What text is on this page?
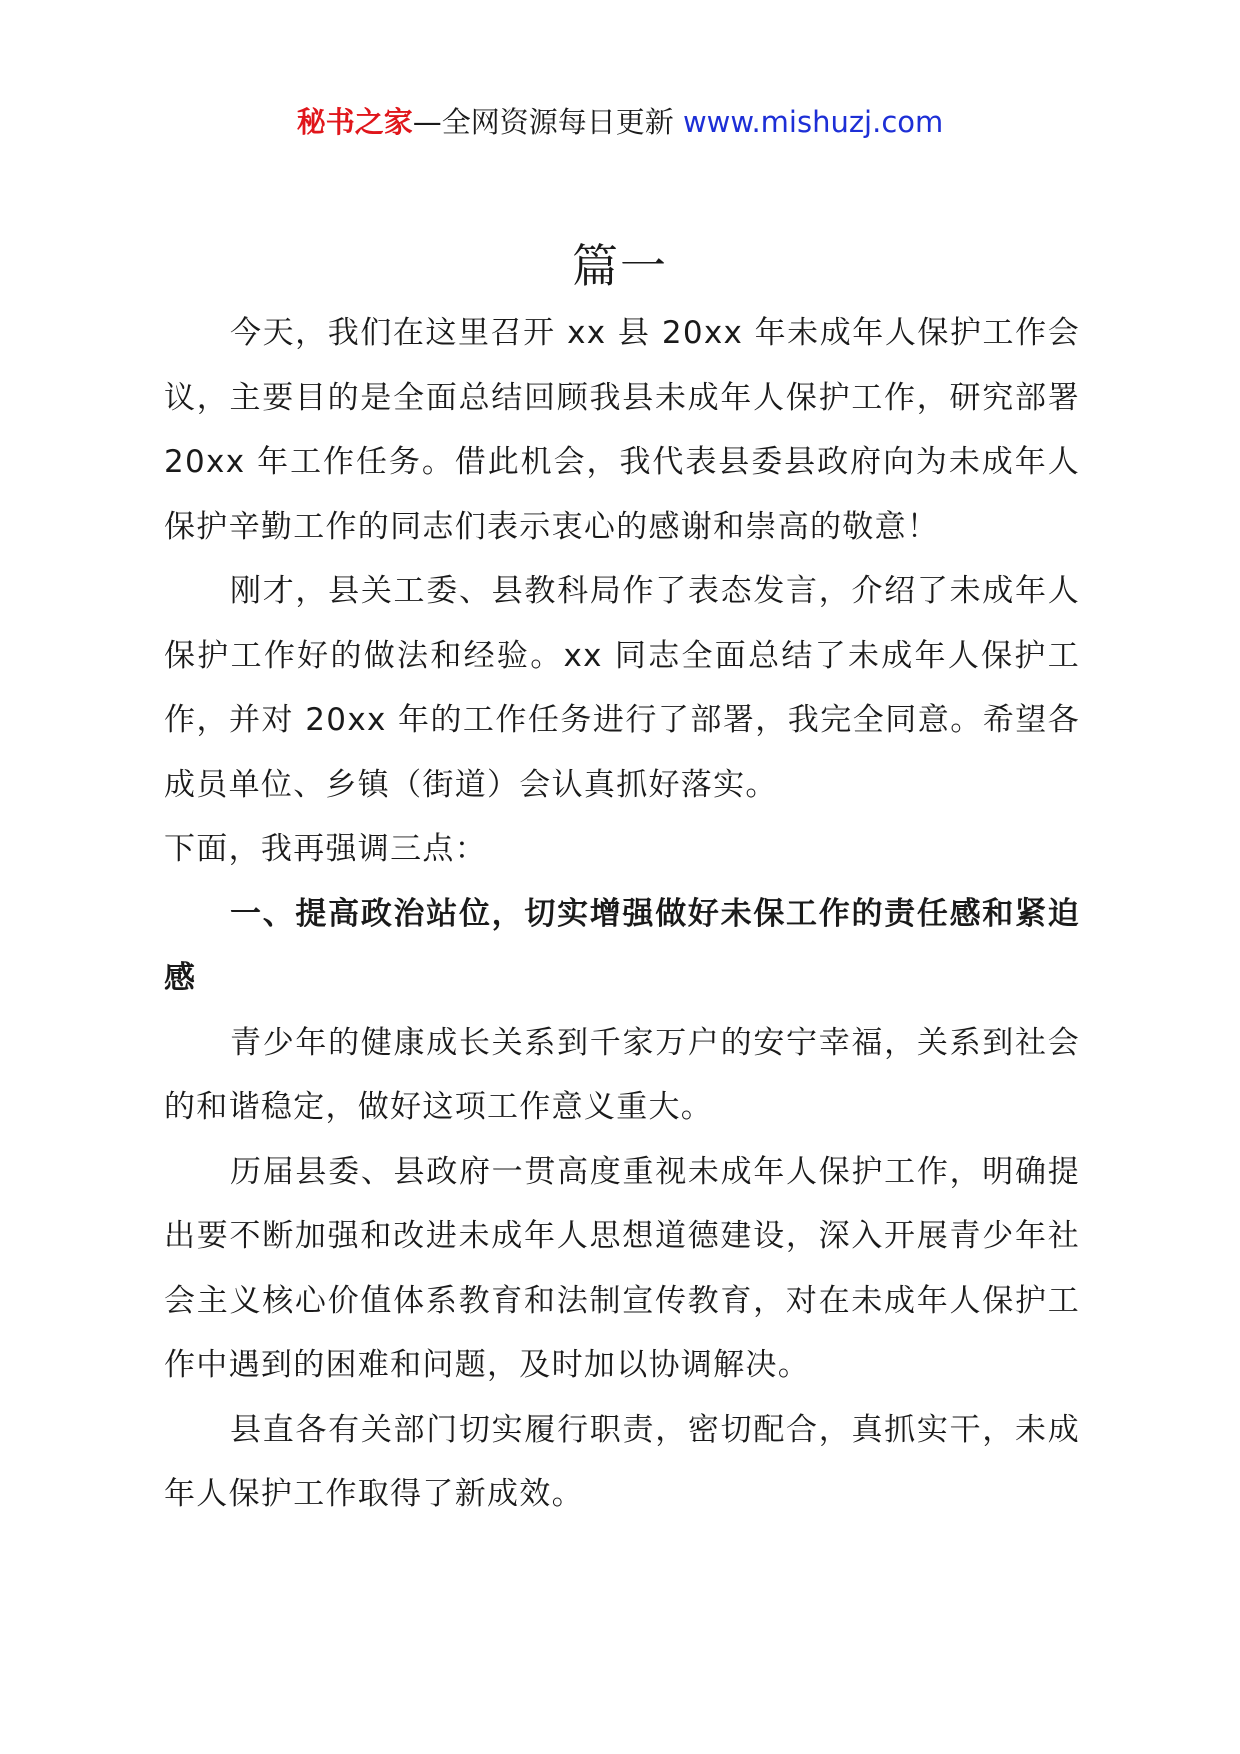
秘书之家—全网资源每日更新 www.mishuzj.com
篇一

今天，我们在这里召开 xx 县 20xx 年未成年人保护工作会议，主要目的是全面总结回顾我县未成年人保护工作，研究部署 20xx 年工作任务。借此机会，我代表县委县政府向为未成年人保护辛勤工作的同志们表示衷心的感谢和崇高的敬意！

刚才，县关工委、县教科局作了表态发言，介绍了未成年人保护工作好的做法和经验。xx 同志全面总结了未成年人保护工作，并对 20xx 年的工作任务进行了部署，我完全同意。希望各成员单位、乡镇（街道）会认真抓好落实。

下面，我再强调三点：

一、提高政治站位，切实增强做好未保工作的责任感和紧迫感

青少年的健康成长关系到千家万户的安宁幸福，关系到社会的和谐稳定，做好这项工作意义重大。

历届县委、县政府一贯高度重视未成年人保护工作，明确提出要不断加强和改进未成年人思想道德建设，深入开展青少年社会主义核心价值体系教育和法制宣传教育，对在未成年人保护工作中遇到的困难和问题，及时加以协调解决。

县直各有关部门切实履行职责，密切配合，真抓实干，未成年人保护工作取得了新成效。
